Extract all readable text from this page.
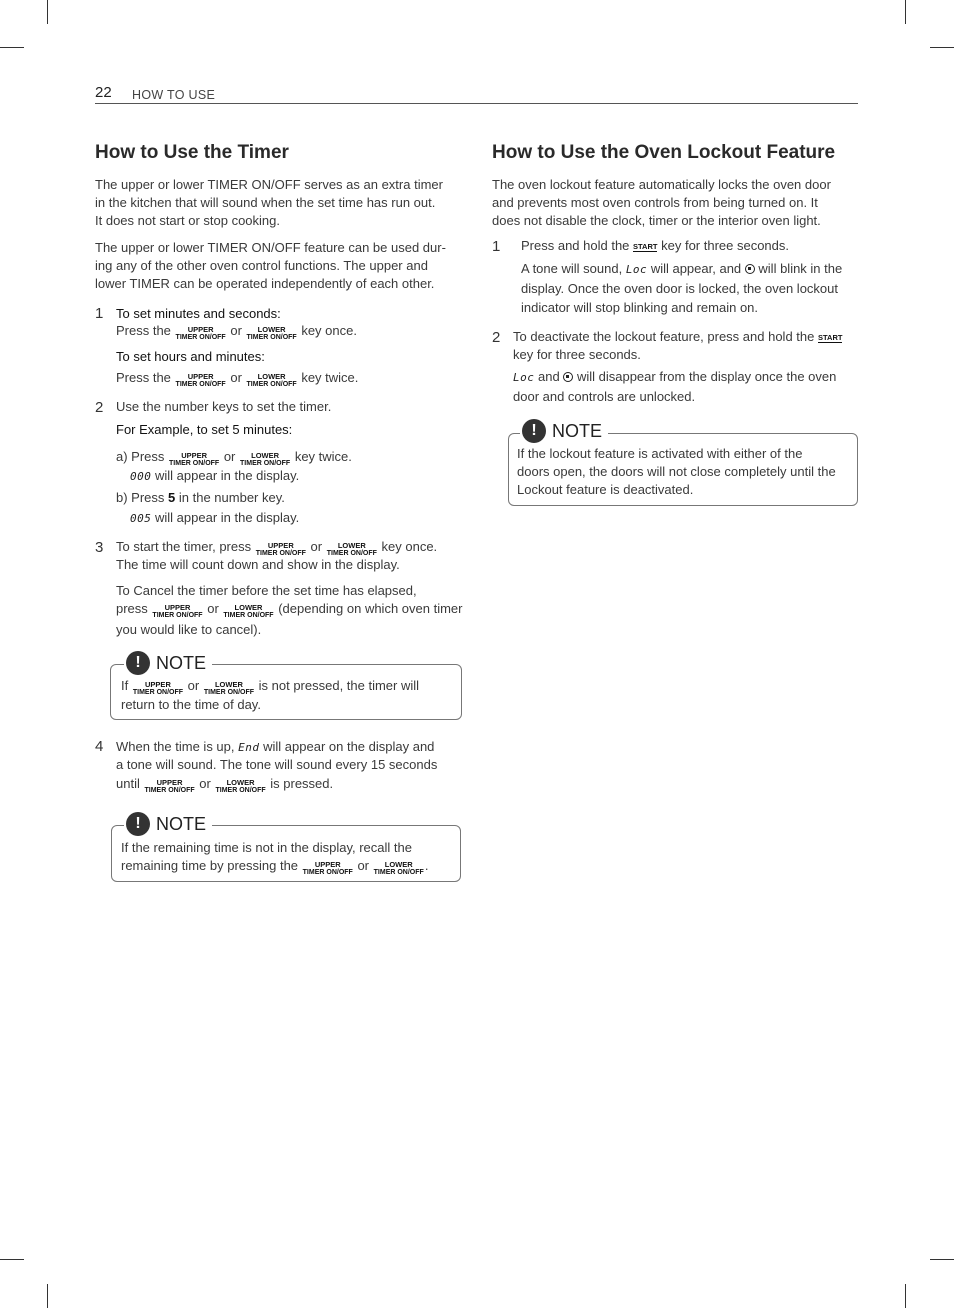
22 HOW TO USE
How to Use the Timer
The upper or lower TIMER ON/OFF serves as an extra timer
in the kitchen that will sound when the set time has run out.
It does not start or stop cooking.
The upper or lower TIMER ON/OFF feature can be used dur-
ing any of the other oven control functions. The upper and
lower TIMER can be operated independently of each other.
1 To set minutes and seconds:
Press the	UPPER
TIMER ON/OFF or	LOWER
TIMER ON/OFF key once.
To set hours and minutes:
Press the	UPPER
TIMER ON/OFF or	LOWER
TIMER ON/OFF key twice.
2 Use the number keys to set the timer.
For Example, to set 5 minutes:
a) Press	UPPER
TIMER ON/OFF or	LOWER
TIMER ON/OFF key twice.
000 will appear in the display.
b) Press 5 in the number key.
005 will appear in the display.
3 To start the timer, press	UPPER
TIMER ON/OFF or	LOWER
TIMER ON/OFF key once.
The time will count down and show in the display.
To Cancel the timer before the set time has elapsed,
press	UPPER
TIMER ON/OFF or	LOWER
TIMER ON/OFF (depending on which oven timer
you would like to cancel).
! NOTE
If	UPPER
TIMER ON/OFF or	LOWER
TIMER ON/OFF is not pressed, the timer will
return to the time of day.
4 When the time is up, End will appear on the display and
a tone will sound. The tone will sound every 15 seconds
until	UPPER
TIMER ON/OFF or	LOWER
TIMER ON/OFF is pressed.
! NOTE
If the remaining time is not in the display, recall the
remaining time by pressing the	UPPER
TIMER ON/OFF or	LOWER
TIMER ON/OFF .
How to Use the Oven Lockout Feature
The oven lockout feature automatically locks the oven door
and prevents most oven controls from being turned on. It
does not disable the clock, timer or the interior oven light.
1 Press and hold the START key for three seconds.
A tone will sound, Loc will appear, and will blink in the
display. Once the oven door is locked, the oven lockout
indicator will stop blinking and remain on.
2 To deactivate the lockout feature, press and hold the START
key for three seconds.
Loc and will disappear from the display once the oven
door and controls are unlocked.
! NOTE
If the lockout feature is activated with either of the
doors open, the doors will not close completely until the
Lockout feature is deactivated.
